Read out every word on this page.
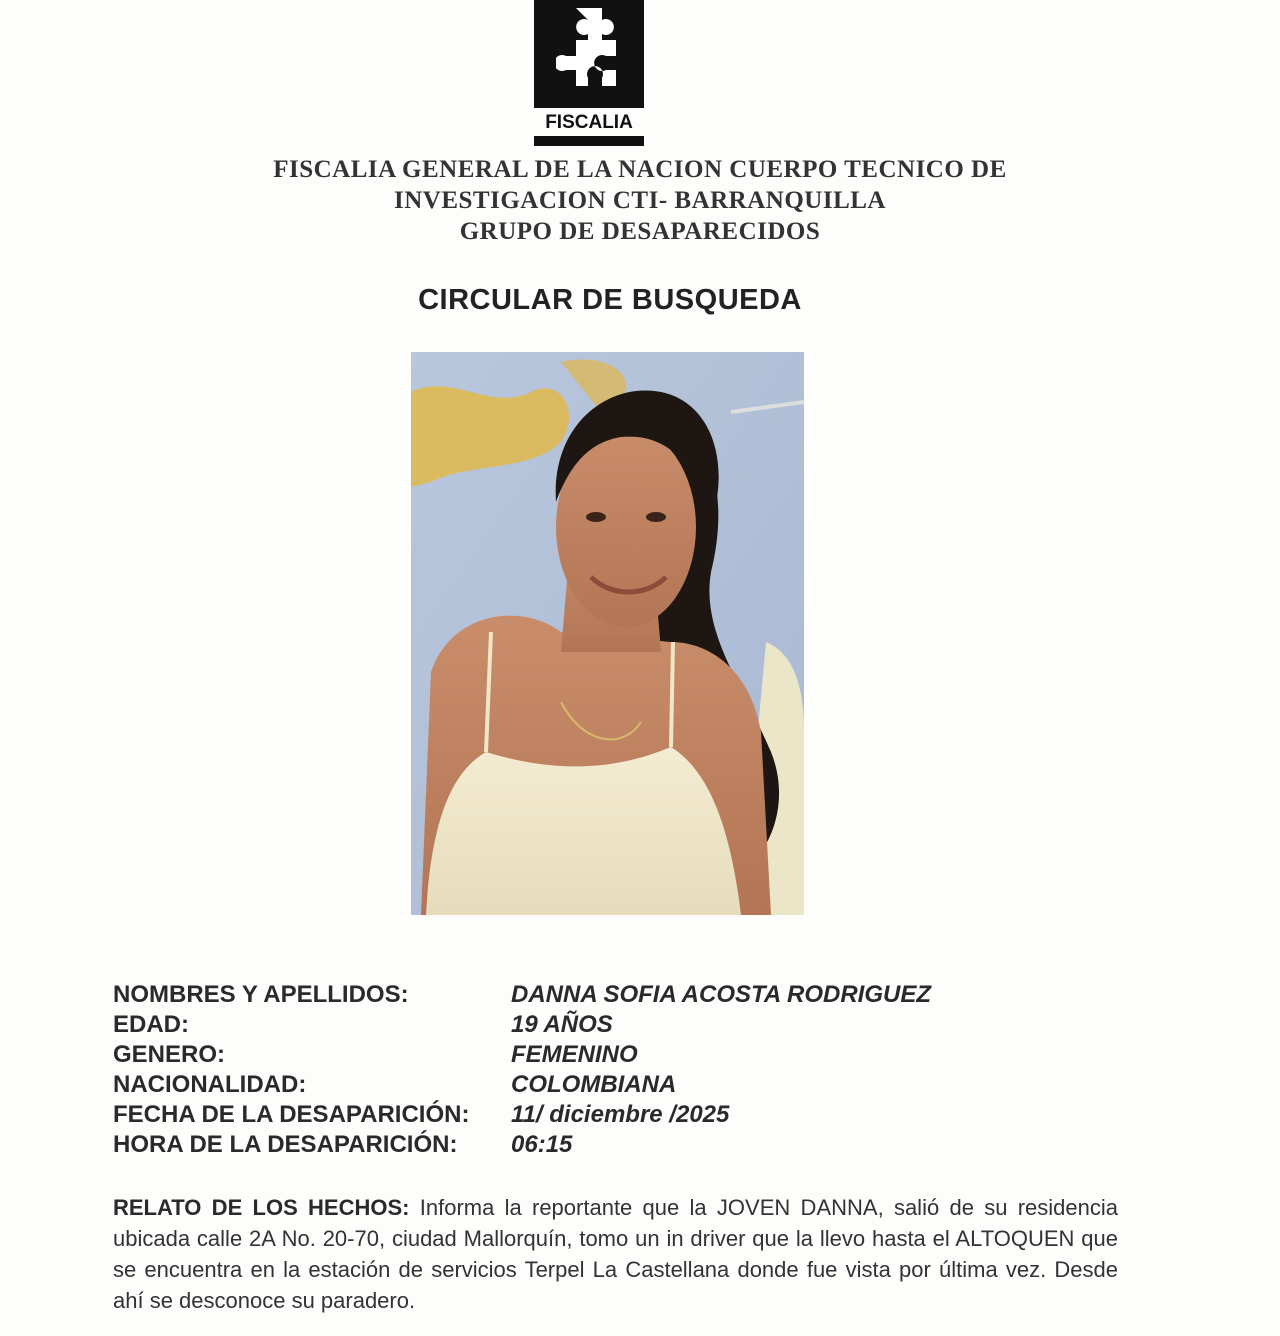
FISCALIA
FISCALIA GENERAL DE LA NACION CUERPO TECNICO DE
INVESTIGACION CTI- BARRANQUILLA
GRUPO DE DESAPARECIDOS
CIRCULAR DE BUSQUEDA
NOMBRES Y APELLIDOS:	DANNA SOFIA ACOSTA RODRIGUEZ
EDAD:	19 AÑOS
GENERO:	FEMENINO
NACIONALIDAD:	COLOMBIANA
FECHA DE LA DESAPARICIÓN: 11/ diciembre /2025
HORA DE LA DESAPARICIÓN: 06:15
RELATO DE LOS HECHOS: Informa la reportante que la JOVEN DANNA, salió de su residencia ubicada calle 2A No. 20-70, ciudad Mallorquín, tomo un in driver que la llevo hasta el ALTOQUEN que se encuentra en la estación de servicios Terpel La Castellana donde fue vista por última vez. Desde ahí se desconoce su paradero.
